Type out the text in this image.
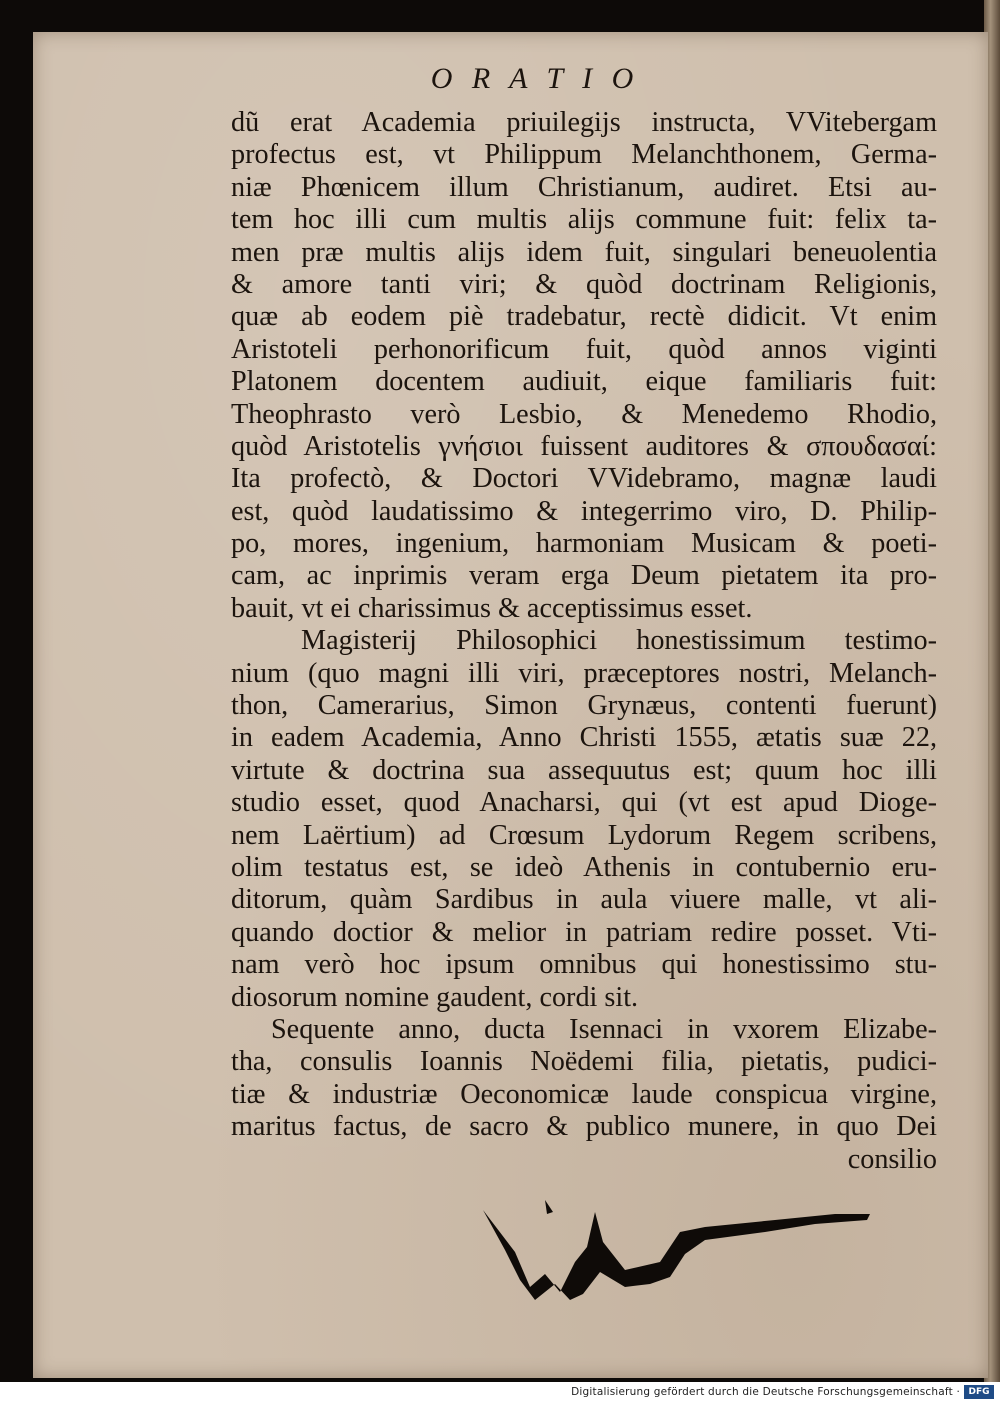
O R A T I O
dũ erat Academia priuilegijs instructa, VVitebergam
profectus est, vt Philippum Melanchthonem, Germa-
niæ Phœnicem illum Christianum, audiret. Etsi au-
tem hoc illi cum multis alijs commune fuit: felix ta-
men præ multis alijs idem fuit, singulari beneuolentia
& amore tanti viri; & quòd doctrinam Religionis,
quæ ab eodem piè tradebatur, rectè didicit. Vt enim
Aristoteli perhonorificum fuit, quòd annos viginti
Platonem docentem audiuit, eique familiaris fuit:
Theophrasto verò Lesbio, & Menedemo Rhodio,
quòd Aristotelis γνήσιοι fuissent auditores & σπουδασαί:
Ita profectò, & Doctori VVidebramo, magnæ laudi
est, quòd laudatissimo & integerrimo viro, D. Philip-
po, mores, ingenium, harmoniam Musicam & poeti-
cam, ac inprimis veram erga Deum pietatem ita pro-
bauit, vt ei charissimus & acceptissimus esset.
Magisterij Philosophici honestissimum testimo-
nium (quo magni illi viri, præceptores nostri, Melanch-
thon, Camerarius, Simon Grynæus, contenti fuerunt)
in eadem Academia, Anno Christi 1555, ætatis suæ 22,
virtute & doctrina sua assequutus est; quum hoc illi
studio esset, quod Anacharsi, qui (vt est apud Dioge-
nem Laërtium) ad Crœsum Lydorum Regem scribens,
olim testatus est, se ideò Athenis in contubernio eru-
ditorum, quàm Sardibus in aula viuere malle, vt ali-
quando doctior & melior in patriam redire posset. Vti-
nam verò hoc ipsum omnibus qui honestissimo stu-
diosorum nomine gaudent, cordi sit.
Sequente anno, ducta Isennaci in vxorem Elizabe-
tha, consulis Ioannis Noëdemi filia, pietatis, pudici-
tiæ & industriæ Oeconomicæ laude conspicua virgine,
maritus factus, de sacro & publico munere, in quo Dei
consilio
Digitalisierung gefördert durch die Deutsche Forschungsgemeinschaft · DFG
